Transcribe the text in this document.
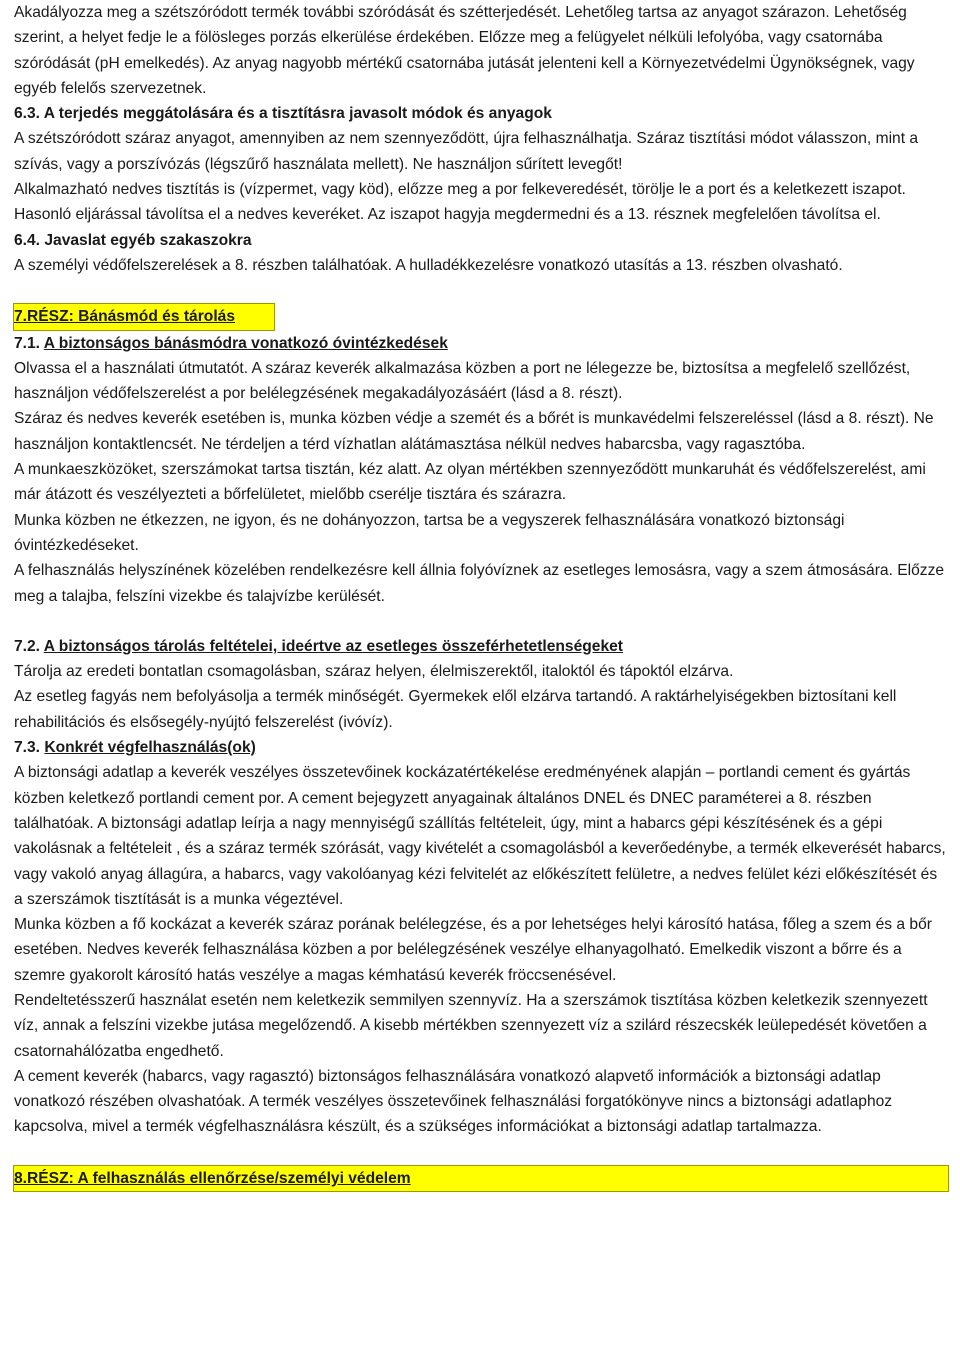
Akadályozza meg a szétszóródott termék további szóródását és szétterjedését. Lehetőleg tartsa az anyagot szárazon. Lehetőség szerint, a helyet fedje le a fölösleges porzás elkerülése érdekében. Előzze meg a felügyelet nélküli lefolyóba, vagy csatornába szóródását (pH emelkedés). Az anyag nagyobb mértékű csatornába jutását jelenteni kell a Környezetvédelmi Ügynökségnek, vagy egyéb felelős szervezetnek.

6.3. A terjedés meggátolására és a tisztításra javasolt módok és anyagok

A szétszóródott száraz anyagot, amennyiben az nem szennyeződött, újra felhasználhatja. Száraz tisztítási módot válasszon, mint a szívás, vagy a porszívózás (légszűrő használata mellett). Ne használjon sűrített levegőt!

Alkalmazható nedves tisztítás is (vízpermet, vagy köd), előzze meg a por felkeveredését, törölje le a port és a keletkezett iszapot. Hasonló eljárással távolítsa el a nedves keveréket. Az iszapot hagyja megdermedni és a 13. résznek megfelelően távolítsa el.

6.4. Javaslat egyéb szakaszokra

A személyi védőfelszerelések a 8. részben találhatóak. A hulladékkezelésre vonatkozó utasítás a 13. részben olvasható.

7.RÉSZ: Bánásmód és tárolás

7.1. A biztonságos bánásmódra vonatkozó óvintézkedések

Olvassa el a használati útmutatót. A száraz keverék alkalmazása közben a port ne lélegezze be, biztosítsa a megfelelő szellőzést, használjon védőfelszerelést a por belélegzésének megakadályozásáért (lásd a 8. részt).

Száraz és nedves keverék esetében is, munka közben védje a szemét és a bőrét is munkavédelmi felszereléssel (lásd a 8. részt). Ne használjon kontaktlencsét. Ne térdeljen a térd vízhatlan alátámasztása nélkül nedves habarcsba, vagy ragasztóba.

A munkaeszközöket, szerszámokat tartsa tisztán, kéz alatt. Az olyan mértékben szennyeződött munkaruhát és védőfelszerelést, ami már átázott és veszélyezteti a bőrfelületet, mielőbb cserélje tisztára és szárazra.

Munka közben ne étkezzen, ne igyon, és ne dohányozzon, tartsa be a vegyszerek felhasználására vonatkozó biztonsági óvintézkedéseket.

A felhasználás helyszínének közelében rendelkezésre kell állnia folyóvíznek az esetleges lemosásra, vagy a szem átmosására. Előzze meg a talajba, felszíni vizekbe és talajvízbe kerülését.

7.2. A biztonságos tárolás feltételei, ideértve az esetleges összeférhetetlenségeket

Tárolja az eredeti bontatlan csomagolásban, száraz helyen, élelmiszerektől, italoktól és tápoktól elzárva.

Az esetleg fagyás nem befolyásolja a termék minőségét. Gyermekek elől elzárva tartandó. A raktárhelyiségekben biztosítani kell rehabilitációs és elsősegély-nyújtó felszerelést (ivóvíz).

7.3. Konkrét végfelhasználás(ok)

A biztonsági adatlap a keverék veszélyes összetevőinek kockázatértékelése eredményének alapján – portlandi cement és gyártás közben keletkező portlandi cement por. A cement bejegyzett anyagainak általános DNEL és DNEC paraméterei a 8. részben találhatóak. A biztonsági adatlap leírja a nagy mennyiségű szállítás feltételeit, úgy, mint a habarcs gépi készítésének és a gépi vakolásnak a feltételeit , és a száraz termék szórását, vagy kivételét a csomagolásból a keverőedénybe, a termék elkeverését habarcs, vagy vakoló anyag állagúra, a habarcs, vagy vakolóanyag kézi felvitelét az előkészített felületre, a nedves felület kézi előkészítését és a szerszámok tisztítását is a munka végeztével.

Munka közben a fő kockázat a keverék száraz porának belélegzése, és a por lehetséges helyi károsító hatása, főleg a szem és a bőr esetében. Nedves keverék felhasználása közben a por belélegzésének veszélye elhanyagolható. Emelkedik viszont a bőrre és a szemre gyakorolt károsító hatás veszélye a magas kémhatású keverék fröccsenésével.

Rendeltetésszerű használat esetén nem keletkezik semmilyen szennyvíz. Ha a szerszámok tisztítása közben keletkezik szennyezett víz, annak a felszíni vizekbe jutása megelőzendő. A kisebb mértékben szennyezett víz a szilárd részecskék leülepedését követően a csatornahálózatba engedhető.

A cement keverék (habarcs, vagy ragasztó) biztonságos felhasználására vonatkozó alapvető információk a biztonsági adatlap vonatkozó részében olvashatóak. A termék veszélyes összetevőinek felhasználási forgatókönyve nincs a biztonsági adatlaphoz kapcsolva, mivel a termék végfelhasználásra készült, és a szükséges információkat a biztonsági adatlap tartalmazza.

8.RÉSZ: A felhasználás ellenőrzése/személyi védelem
